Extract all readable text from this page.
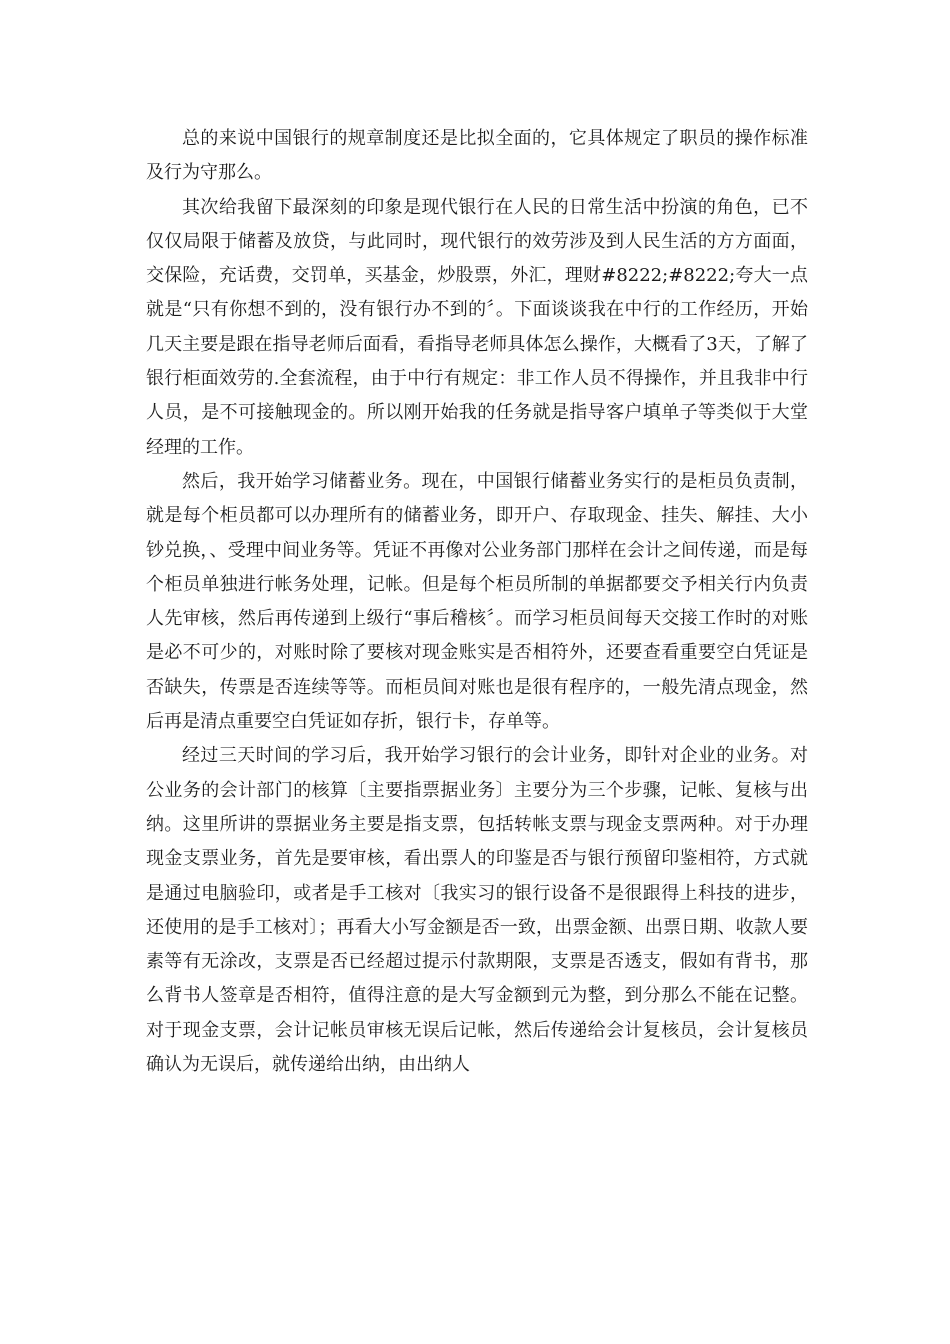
总的来说中国银行的规章制度还是比拟全面的，它具体规定了职员的操作标准及行为守那么。

其次给我留下最深刻的印象是现代银行在人民的日常生活中扮演的角色，已不仅仅局限于储蓄及放贷，与此同时，现代银行的效劳涉及到人民生活的方方面面，交保险，充话费，交罚单，买基金，炒股票，外汇，理财#8222;#8222;夸大一点就是“只有你想不到的，没有银行办不到的〞。下面谈谈我在中行的工作经历，开始几天主要是跟在指导老师后面看，看指导老师具体怎么操作，大概看了3天，了解了银行柜面效劳的.全套流程，由于中行有规定：非工作人员不得操作，并且我非中行人员，是不可接触现金的。所以刚开始我的任务就是指导客户填单子等类似于大堂经理的工作。

然后，我开始学习储蓄业务。现在，中国银行储蓄业务实行的是柜员负责制，就是每个柜员都可以办理所有的储蓄业务，即开户、存取现金、挂失、解挂、大小钞兑换，、受理中间业务等。凭证不再像对公业务部门那样在会计之间传递，而是每个柜员单独进行帐务处理，记帐。但是每个柜员所制的单据都要交予相关行内负责人先审核，然后再传递到上级行“事后稽核〞。而学习柜员间每天交接工作时的对账是必不可少的，对账时除了要核对现金账实是否相符外，还要查看重要空白凭证是否缺失，传票是否连续等等。而柜员间对账也是很有程序的，一般先清点现金，然后再是清点重要空白凭证如存折，银行卡，存单等。

经过三天时间的学习后，我开始学习银行的会计业务，即针对企业的业务。对公业务的会计部门的核算〔主要指票据业务〕主要分为三个步骤，记帐、复核与出纳。这里所讲的票据业务主要是指支票，包括转帐支票与现金支票两种。对于办理现金支票业务，首先是要审核，看出票人的印鉴是否与银行预留印鉴相符，方式就是通过电脑验印，或者是手工核对〔我实习的银行设备不是很跟得上科技的进步，还使用的是手工核对〕；再看大小写金额是否一致，出票金额、出票日期、收款人要素等有无涂改，支票是否已经超过提示付款期限，支票是否透支，假如有背书，那么背书人签章是否相符，值得注意的是大写金额到元为整，到分那么不能在记整。对于现金支票，会计记帐员审核无误后记帐，然后传递给会计复核员，会计复核员确认为无误后，就传递给出纳，由出纳人
